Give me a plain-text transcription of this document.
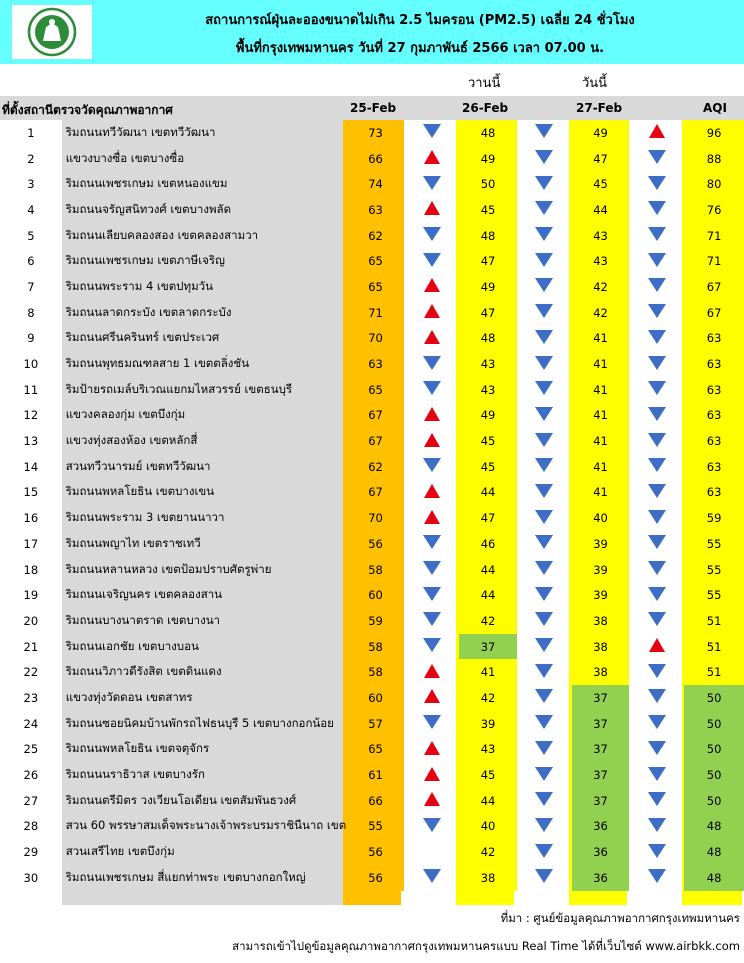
สถานการณ์ฝุ่นละอองขนาดไม่เกิน 2.5 ไมครอน (PM2.5) เฉลี่ย 24 ชั่วโมง
พื้นที่กรุงเทพมหานคร วันที่ 27 กุมภาพันธ์ 2566 เวลา 07.00 น.
วานนี้	วันนี้
ที่ตั้งสถานีตรวจวัดคุณภาพอากาศ	25-Feb	26-Feb	27-Feb	AQI
1	ริมถนนทวีวัฒนา เขตทวีวัฒนา	73		48		49		96
2	แขวงบางซื่อ เขตบางซื่อ	66		49		47		88
3	ริมถนนเพชรเกษม เขตหนองแขม	74		50		45		80
4	ริมถนนจรัญสนิทวงศ์ เขตบางพลัด	63		45		44		76
5	ริมถนนเลียบคลองสอง เขตคลองสามวา	62		48		43		71
6	ริมถนนเพชรเกษม เขตภาษีเจริญ	65		47		43		71
7	ริมถนนพระราม 4 เขตปทุมวัน	65		49		42		67
8	ริมถนนลาดกระบัง เขตลาดกระบัง	71		47		42		67
9	ริมถนนศรีนครินทร์ เขตประเวศ	70		48		41		63
10	ริมถนนพุทธมณฑลสาย 1 เขตตลิ่งชัน	63		43		41		63
11	ริมป้ายรถเมล์บริเวณแยกมไหสวรรย์ เขตธนบุรี	65		43		41		63
12	แขวงคลองกุ่ม เขตบึงกุ่ม	67		49		41		63
13	แขวงทุ่งสองห้อง เขตหลักสี่	67		45		41		63
14	สวนทวีวนารมย์ เขตทวีวัฒนา	62		45		41		63
15	ริมถนนพหลโยธิน เขตบางเขน	67		44		41		63
16	ริมถนนพระราม 3 เขตยานนาวา	70		47		40		59
17	ริมถนนพญาไท เขตราชเทวี	56		46		39		55
18	ริมถนนหลานหลวง เขตป้อมปราบศัตรูพ่าย	58		44		39		55
19	ริมถนนเจริญนคร เขตคลองสาน	60		44		39		55
20	ริมถนนบางนาตราด เขตบางนา	59		42		38		51
21	ริมถนนเอกชัย เขตบางบอน	58		37		38		51
22	ริมถนนวิภาวดีรังสิต เขตดินแดง	58		41		38		51
23	แขวงทุ่งวัดดอน เขตสาทร	60		42		37		50
24	ริมถนนซอยนิคมบ้านพักรถไฟธนบุรี 5 เขตบางกอกน้อย	57		39		37		50
25	ริมถนนพหลโยธิน เขตจตุจักร	65		43		37		50
26	ริมถนนนราธิวาส เขตบางรัก	61		45		37		50
27	ริมถนนตรีมิตร วงเวียนโอเดียน เขตสัมพันธวงศ์	66		44		37		50
28	สวน 60 พรรษาสมเด็จพระนางเจ้าพระบรมราชินีนาถ เขต	55		40		36		48
29	สวนเสรีไทย เขตบึงกุ่ม	56		42		36		48
30	ริมถนนเพชรเกษม สี่แยกท่าพระ เขตบางกอกใหญ่	56		38		36		48
ที่มา : ศูนย์ข้อมูลคุณภาพอากาศกรุงเทพมหานคร
สามารถเข้าไปดูข้อมูลคุณภาพอากาศกรุงเทพมหานครแบบ Real Time ได้ที่เว็บไซต์ www.airbkk.com
